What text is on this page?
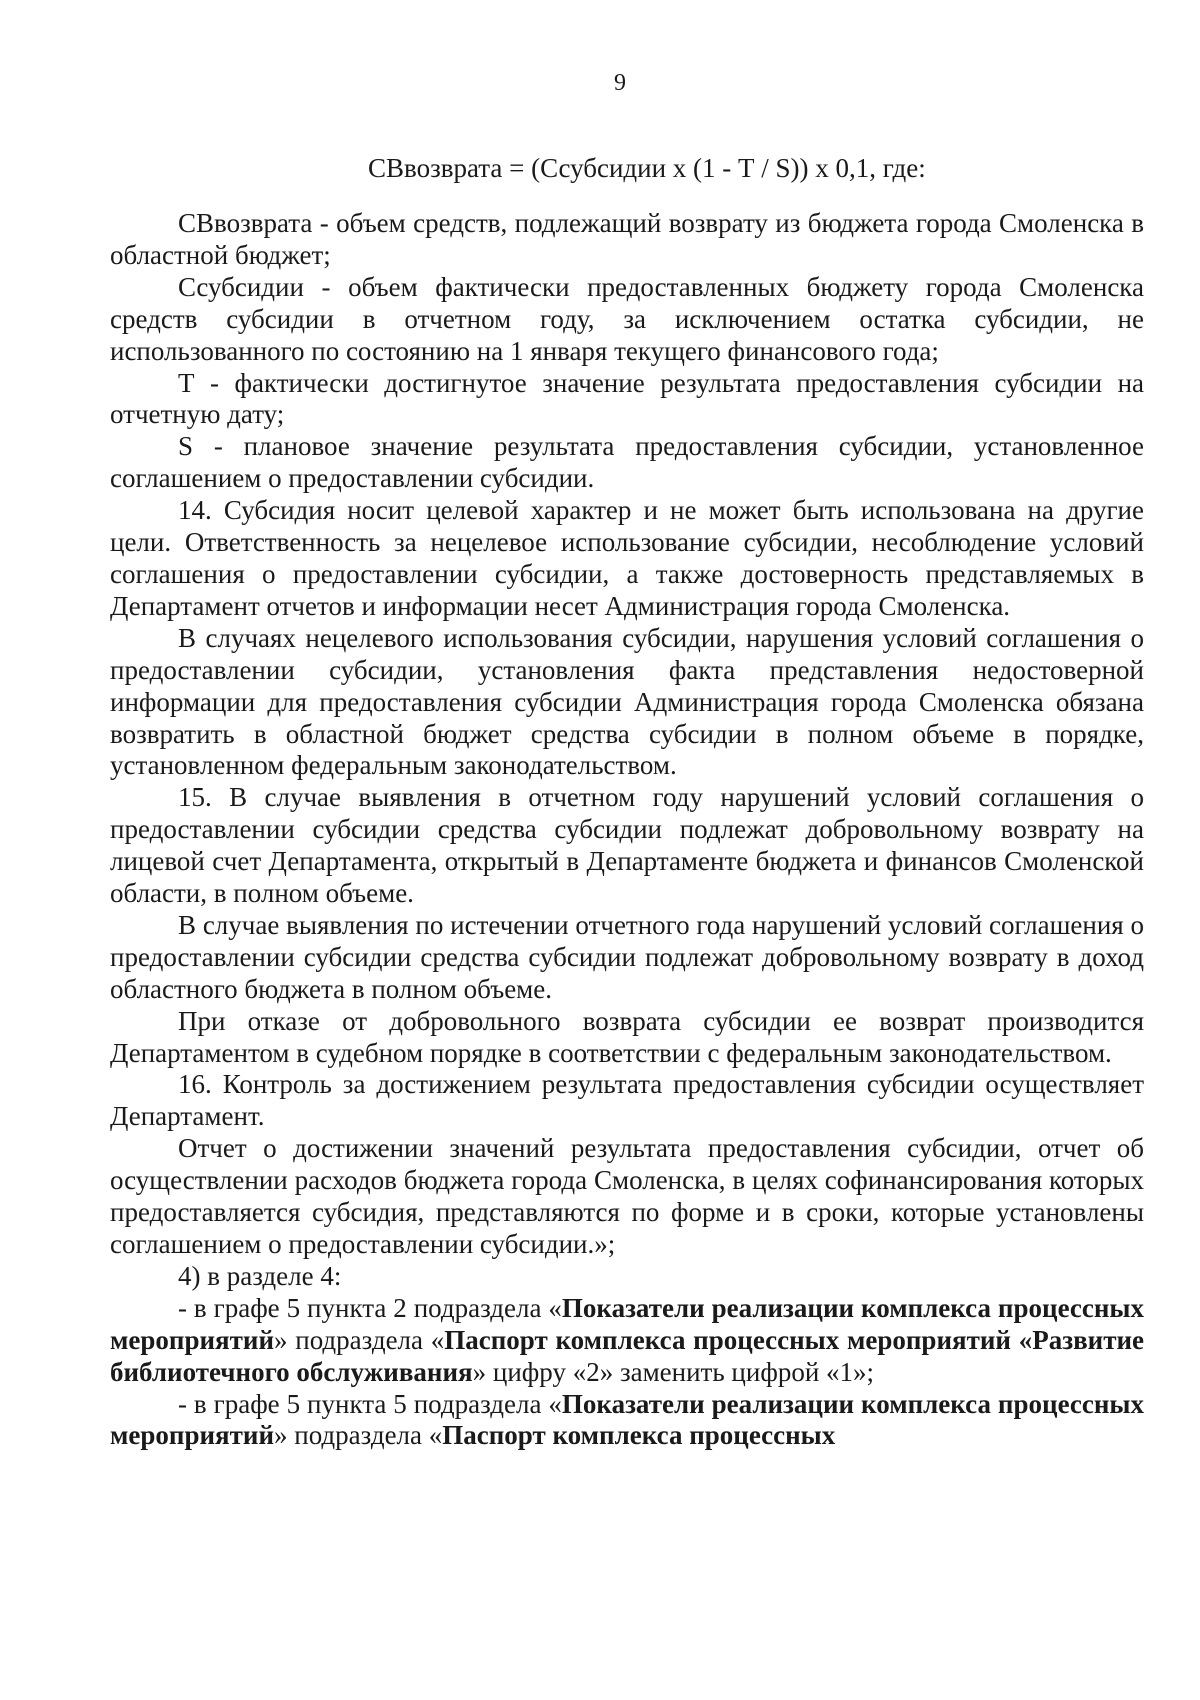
9
СВвозврата = (Ссубсидии х (1 - Т / S)) х 0,1, где:

СВвозврата - объем средств, подлежащий возврату из бюджета города Смоленска в областной бюджет;

Ссубсидии - объем фактически предоставленных бюджету города Смоленска средств субсидии в отчетном году, за исключением остатка субсидии, не использованного по состоянию на 1 января текущего финансового года;

Т - фактически достигнутое значение результата предоставления субсидии на отчетную дату;

S - плановое значение результата предоставления субсидии, установленное соглашением о предоставлении субсидии.

14. Субсидия носит целевой характер и не может быть использована на другие цели. Ответственность за нецелевое использование субсидии, несоблюдение условий соглашения о предоставлении субсидии, а также достоверность представляемых в Департамент отчетов и информации несет Администрация города Смоленска.

В случаях нецелевого использования субсидии, нарушения условий соглашения о предоставлении субсидии, установления факта представления недостоверной информации для предоставления субсидии Администрация города Смоленска обязана возвратить в областной бюджет средства субсидии в полном объеме в порядке, установленном федеральным законодательством.

15. В случае выявления в отчетном году нарушений условий соглашения о предоставлении субсидии средства субсидии подлежат добровольному возврату на лицевой счет Департамента, открытый в Департаменте бюджета и финансов Смоленской области, в полном объеме.

В случае выявления по истечении отчетного года нарушений условий соглашения о предоставлении субсидии средства субсидии подлежат добровольному возврату в доход областного бюджета в полном объеме.

При отказе от добровольного возврата субсидии ее возврат производится Департаментом в судебном порядке в соответствии с федеральным законодательством.

16. Контроль за достижением результата предоставления субсидии осуществляет Департамент.

Отчет о достижении значений результата предоставления субсидии, отчет об осуществлении расходов бюджета города Смоленска, в целях софинансирования которых предоставляется субсидия, представляются по форме и в сроки, которые установлены соглашением о предоставлении субсидии.»;

4) в разделе 4:

- в графе 5 пункта 2 подраздела «Показатели реализации комплекса процессных мероприятий» подраздела «Паспорт комплекса процессных мероприятий «Развитие библиотечного обслуживания» цифру «2» заменить цифрой «1»;

- в графе 5 пункта 5 подраздела «Показатели реализации комплекса процессных мероприятий» подраздела «Паспорт комплекса процессных
